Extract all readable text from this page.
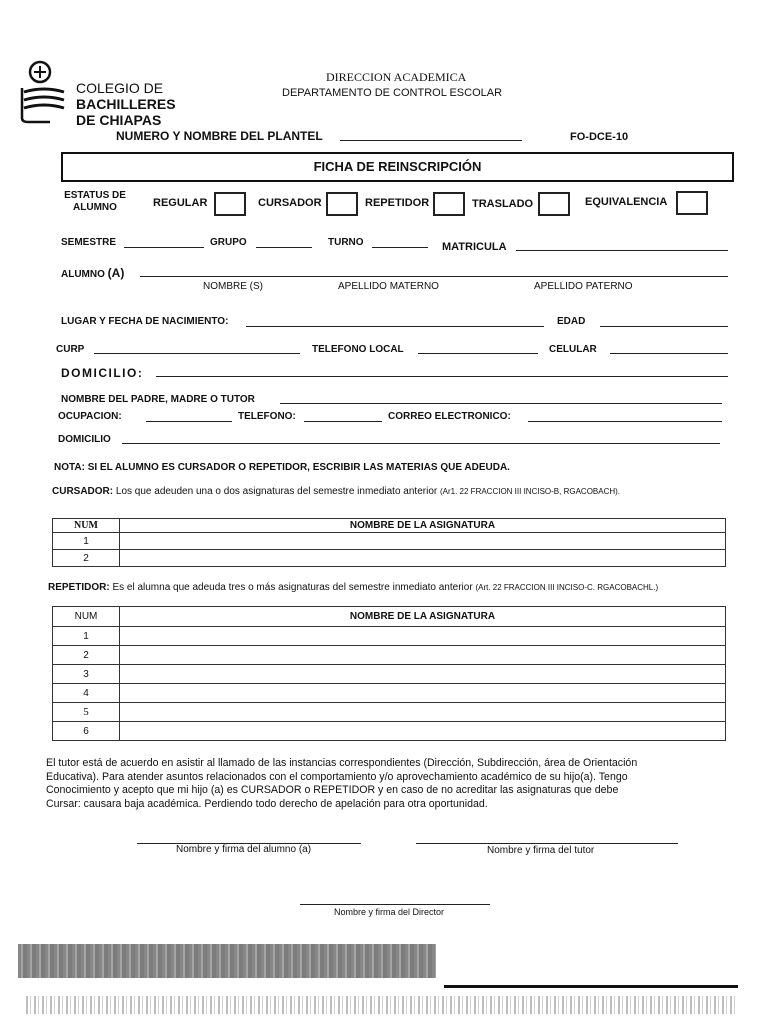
COLEGIO DE
BACHILLERES
DE CHIAPAS
DIRECCION ACADEMICA
DEPARTAMENTO DE CONTROL ESCOLAR
NUMERO Y NOMBRE DEL PLANTEL	FO-DCE-10
FICHA DE REINSCRIPCIÓN
ESTATUS DE
ALUMNO	REGULAR	CURSADOR	REPETIDOR	TRASLADO	EQUIVALENCIA
SEMESTRE	GRUPO	TURNO	MATRICULA
ALUMNO (A)
NOMBRE (S)	APELLIDO MATERNO	APELLIDO PATERNO
LUGAR Y FECHA DE NACIMIENTO:	EDAD
CURP	TELEFONO LOCAL	CELULAR
DOMICILIO:
NOMBRE DEL PADRE, MADRE O TUTOR
OCUPACION:	TELEFONO:	CORREO ELECTRONICO:
DOMICILIO
NOTA: SI EL ALUMNO ES CURSADOR O REPETIDOR, ESCRIBIR LAS MATERIAS QUE ADEUDA.
CURSADOR: Los que adeuden una o dos asignaturas del semestre inmediato anterior (Ar1. 22 FRACCION III INCISO-B, RGACOBACH).
NUM	NOMBRE DE LA ASIGNATURA
1	
2	
REPETIDOR: Es el alumna que adeuda tres o más asignaturas del semestre inmediato anterior (Art. 22 FRACCION III INCISO-C. RGACOBACHL.)
NUM	NOMBRE DE LA ASIGNATURA
1	
2	
3	
4	
5	
6	
El tutor está de acuerdo en asistir al llamado de las instancias correspondientes (Dirección, Subdirección, área de Orientación
Educativa). Para atender asuntos relacionados con el comportamiento y/o aprovechamiento académico de su hijo(a). Tengo
Conocimiento y acepto que mi hijo (a) es CURSADOR o REPETIDOR y en caso de no acreditar las asignaturas que debe
Cursar: causara baja académica. Perdiendo todo derecho de apelación para otra oportunidad.
Nombre y firma del alumno (a)	Nombre y firma del tutor
Nombre y firma del Director
